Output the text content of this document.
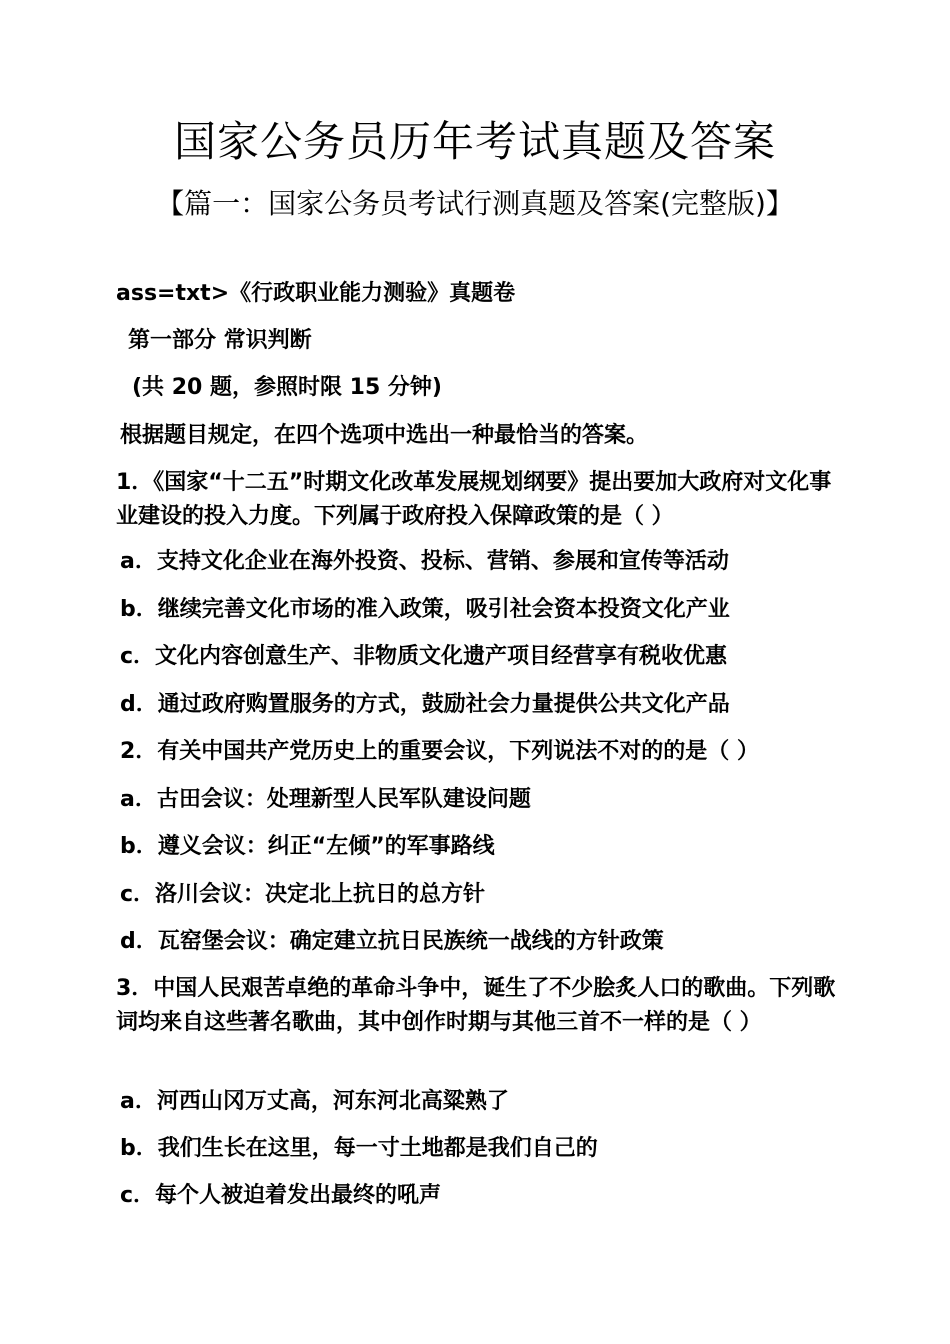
国家公务员历年考试真题及答案
【篇一：国家公务员考试行测真题及答案(完整版)】
ass=txt>《行政职业能力测验》真题卷
第一部分 常识判断
(共 20 题，参照时限 15 分钟)
根据题目规定，在四个选项中选出一种最恰当的答案。
1．《国家“十二五”时期文化改革发展规划纲要》提出要加大政府对文化事业建设的投入力度。下列属于政府投入保障政策的是（ ）
a．支持文化企业在海外投资、投标、营销、参展和宣传等活动
b．继续完善文化市场的准入政策，吸引社会资本投资文化产业
c．文化内容创意生产、非物质文化遗产项目经营享有税收优惠
d．通过政府购置服务的方式，鼓励社会力量提供公共文化产品
2．有关中国共产党历史上的重要会议，下列说法不对的的是（ ）
a．古田会议：处理新型人民军队建设问题
b．遵义会议：纠正“左倾”的军事路线
c．洛川会议：决定北上抗日的总方针
d．瓦窑堡会议：确定建立抗日民族统一战线的方针政策
3．中国人民艰苦卓绝的革命斗争中，诞生了不少脍炙人口的歌曲。下列歌词均来自这些著名歌曲，其中创作时期与其他三首不一样的是（ ）
a．河西山冈万丈高，河东河北高粱熟了
b．我们生长在这里，每一寸土地都是我们自己的
c．每个人被迫着发出最终的吼声
